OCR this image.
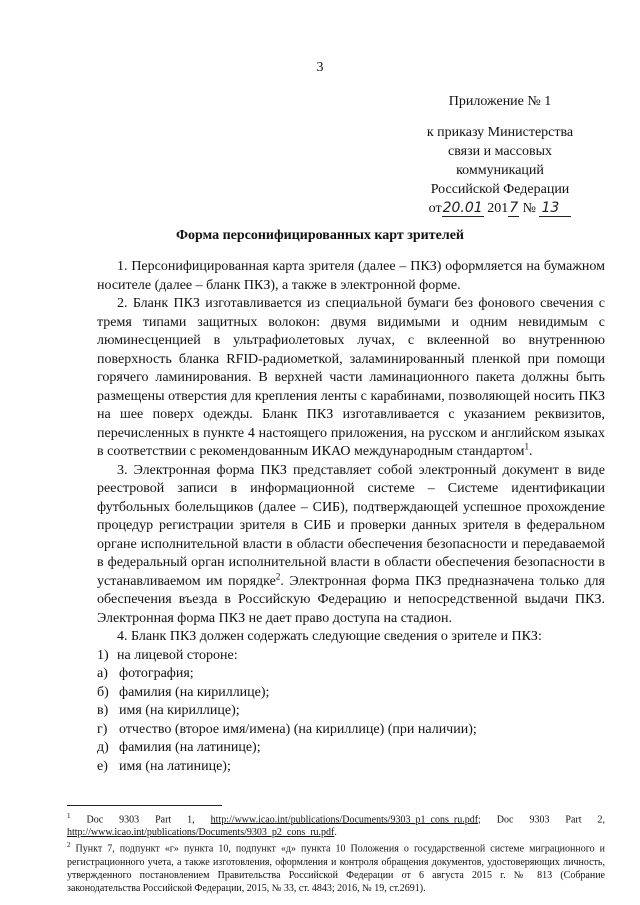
3
Приложение № 1
к приказу Министерства
связи и массовых
коммуникаций
Российской Федерации
от20.01 2017 № 13
Форма персонифицированных карт зрителей

1. Персонифицированная карта зрителя (далее – ПКЗ) оформляется на бумажном носителе (далее – бланк ПКЗ), а также в электронной форме.

2. Бланк ПКЗ изготавливается из специальной бумаги без фонового свечения с тремя типами защитных волокон: двумя видимыми и одним невидимым с люминесценцией в ультрафиолетовых лучах, с вклеенной во внутреннюю поверхность бланка RFID-радиометкой, заламинированный пленкой при помощи горячего ламинирования. В верхней части ламинационного пакета должны быть размещены отверстия для крепления ленты с карабинами, позволяющей носить ПКЗ на шее поверх одежды. Бланк ПКЗ изготавливается с указанием реквизитов, перечисленных в пункте 4 настоящего приложения, на русском и английском языках в соответствии с рекомендованным ИКАО международным стандартом$^1$.

3. Электронная форма ПКЗ представляет собой электронный документ в виде реестровой записи в информационной системе – Системе идентификации футбольных болельщиков (далее – СИБ), подтверждающей успешное прохождение процедур регистрации зрителя в СИБ и проверки данных зрителя в федеральном органе исполнительной власти в области обеспечения безопасности и передаваемой в федеральный орган исполнительной власти в области обеспечения безопасности в устанавливаемом им порядке$^2$. Электронная форма ПКЗ предназначена только для обеспечения въезда в Российскую Федерацию и непосредственной выдачи ПКЗ. Электронная форма ПКЗ не дает право доступа на стадион.

4. Бланк ПКЗ должен содержать следующие сведения о зрителе и ПКЗ:

1) на лицевой стороне:
а) фотография;
б) фамилия (на кириллице);
в) имя (на кириллице);
г) отчество (второе имя/имена) (на кириллице) (при наличии);
д) фамилия (на латинице);
е) имя (на латинице);

$^1$ Doc 9303 Part 1, http://www.icao.int/publications/Documents/9303_p1_cons_ru.pdf; Doc 9303 Part 2, http://www.icao.int/publications/Documents/9303_p2_cons_ru.pdf.

$^2$ Пункт 7, подпункт «г» пункта 10, подпункт «д» пункта 10 Положения о государственной системе миграционного и регистрационного учета, а также изготовления, оформления и контроля обращения документов, удостоверяющих личность, утвержденного постановлением Правительства Российской Федерации от 6 августа 2015 г. № 813 (Собрание законодательства Российской Федерации, 2015, № 33, ст. 4843; 2016, № 19, ст.2691).
